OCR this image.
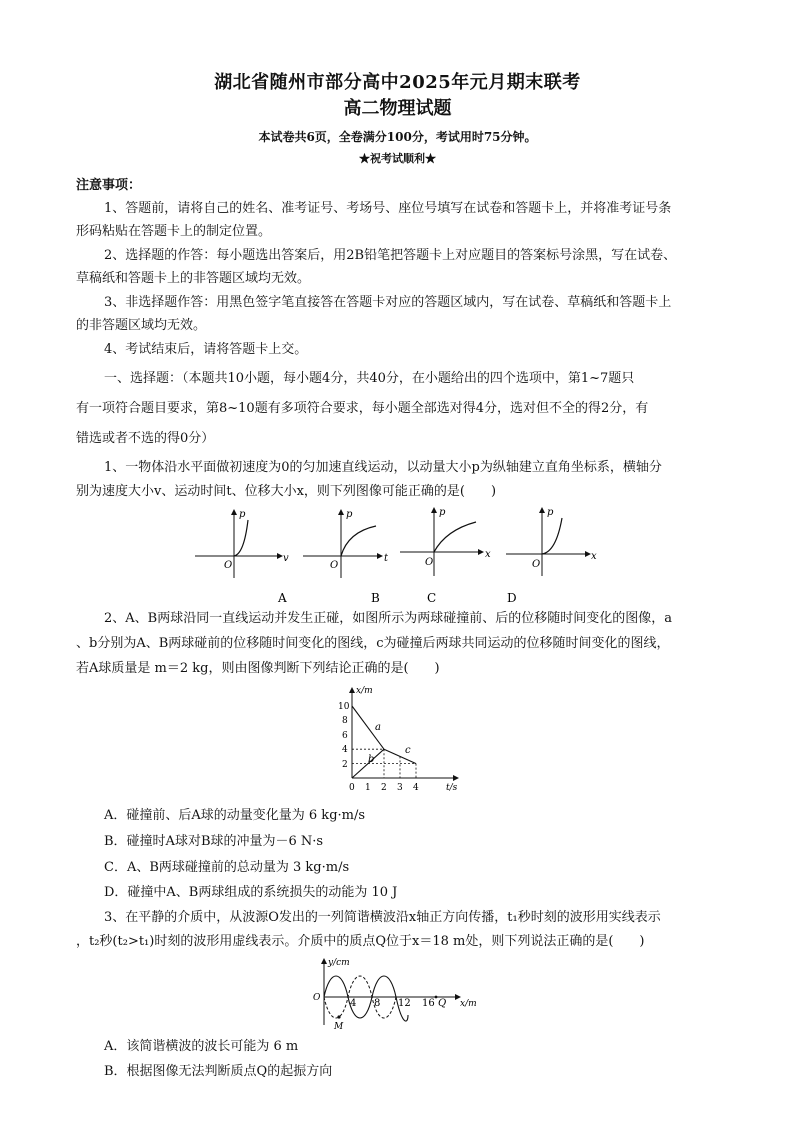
湖北省随州市部分高中2025年元月期末联考
高二物理试题
本试卷共6页，全卷满分100分，考试用时75分钟。
★祝考试顺利★
注意事项：
1、答题前，请将自己的姓名、准考证号、考场号、座位号填写在试卷和答题卡上，并将准考证号条
形码粘贴在答题卡上的制定位置。
2、选择题的作答：每小题选出答案后，用2B铅笔把答题卡上对应题目的答案标号涂黑，写在试卷、
草稿纸和答题卡上的非答题区域均无效。
3、非选择题作答：用黑色签字笔直接答在答题卡对应的答题区域内，写在试卷、草稿纸和答题卡上
的非答题区域均无效。
4、考试结束后，请将答题卡上交。
一、选择题：（本题共10小题，每小题4分，共40分，在小题给出的四个选项中，第1~7题只
有一项符合题目要求，第8~10题有多项符合要求，每小题全部选对得4分，选对但不全的得2分，有
错选或者不选的得0分）
1、一物体沿水平面做初速度为0的匀加速直线运动，以动量大小p为纵轴建立直角坐标系，横轴分
别为速度大小v、运动时间t、位移大小x，则下列图像可能正确的是(　　)
p
v
O
A
p
t
O
B
p
x
O
C
p
x
O
D
2、A、B两球沿同一直线运动并发生正碰，如图所示为两球碰撞前、后的位移随时间变化的图像，a
、b分别为A、B两球碰前的位移随时间变化的图线，c为碰撞后两球共同运动的位移随时间变化的图线，
若A球质量是 m＝2 kg，则由图像判断下列结论正确的是(　　)
10
8
6
4
2
0 1 2 3 4
x/m
t/s
a
b
c
A．碰撞前、后A球的动量变化量为 6 kg·m/s
B．碰撞时A球对B球的冲量为－6 N·s
C．A、B两球碰撞前的总动量为 3 kg·m/s
D．碰撞中A、B两球组成的系统损失的动能为 10 J
3、在平静的介质中，从波源O发出的一列简谐横波沿x轴正方向传播，t₁秒时刻的波形用实线表示
，t₂秒(t₂>t₁)时刻的波形用虚线表示。介质中的质点Q位于x＝18 m处，则下列说法正确的是(　　)
M
y/cm
O	4 8 12 16 Q x/m
A．该简谐横波的波长可能为 6 m
B．根据图像无法判断质点Q的起振方向
